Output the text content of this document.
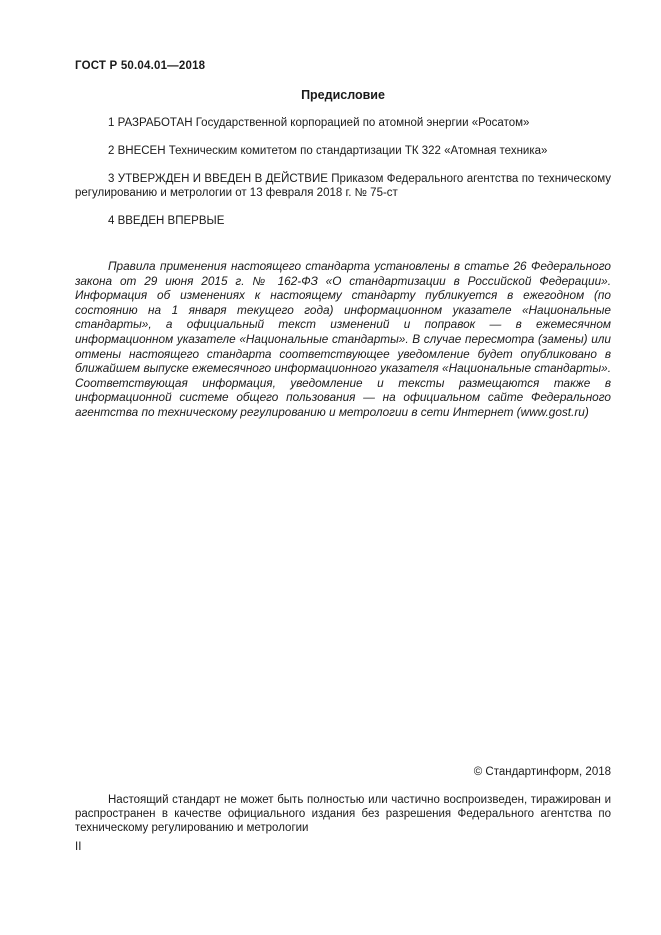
ГОСТ Р 50.04.01—2018
Предисловие

1 РАЗРАБОТАН Государственной корпорацией по атомной энергии «Росатом»

2 ВНЕСЕН Техническим комитетом по стандартизации ТК 322 «Атомная техника»

3 УТВЕРЖДЕН И ВВЕДЕН В ДЕЙСТВИЕ Приказом Федерального агентства по техническому регулированию и метрологии от 13 февраля 2018 г. № 75-ст

4 ВВЕДЕН ВПЕРВЫЕ

Правила применения настоящего стандарта установлены в статье 26 Федерального закона от 29 июня 2015 г. № 162-ФЗ «О стандартизации в Российской Федерации». Информация об изменениях к настоящему стандарту публикуется в ежегодном (по состоянию на 1 января текущего года) информационном указателе «Национальные стандарты», а официальный текст изменений и поправок — в ежемесячном информационном указателе «Национальные стандарты». В случае пересмотра (замены) или отмены настоящего стандарта соответствующее уведомление будет опубликовано в ближайшем выпуске ежемесячного информационного указателя «Национальные стандарты». Соответствующая информация, уведомление и тексты размещаются также в информационной системе общего пользования — на официальном сайте Федерального агентства по техническому регулированию и метрологии в сети Интернет (www.gost.ru)
© Стандартинформ, 2018
Настоящий стандарт не может быть полностью или частично воспроизведен, тиражирован и распространен в качестве официального издания без разрешения Федерального агентства по техническому регулированию и метрологии
II
